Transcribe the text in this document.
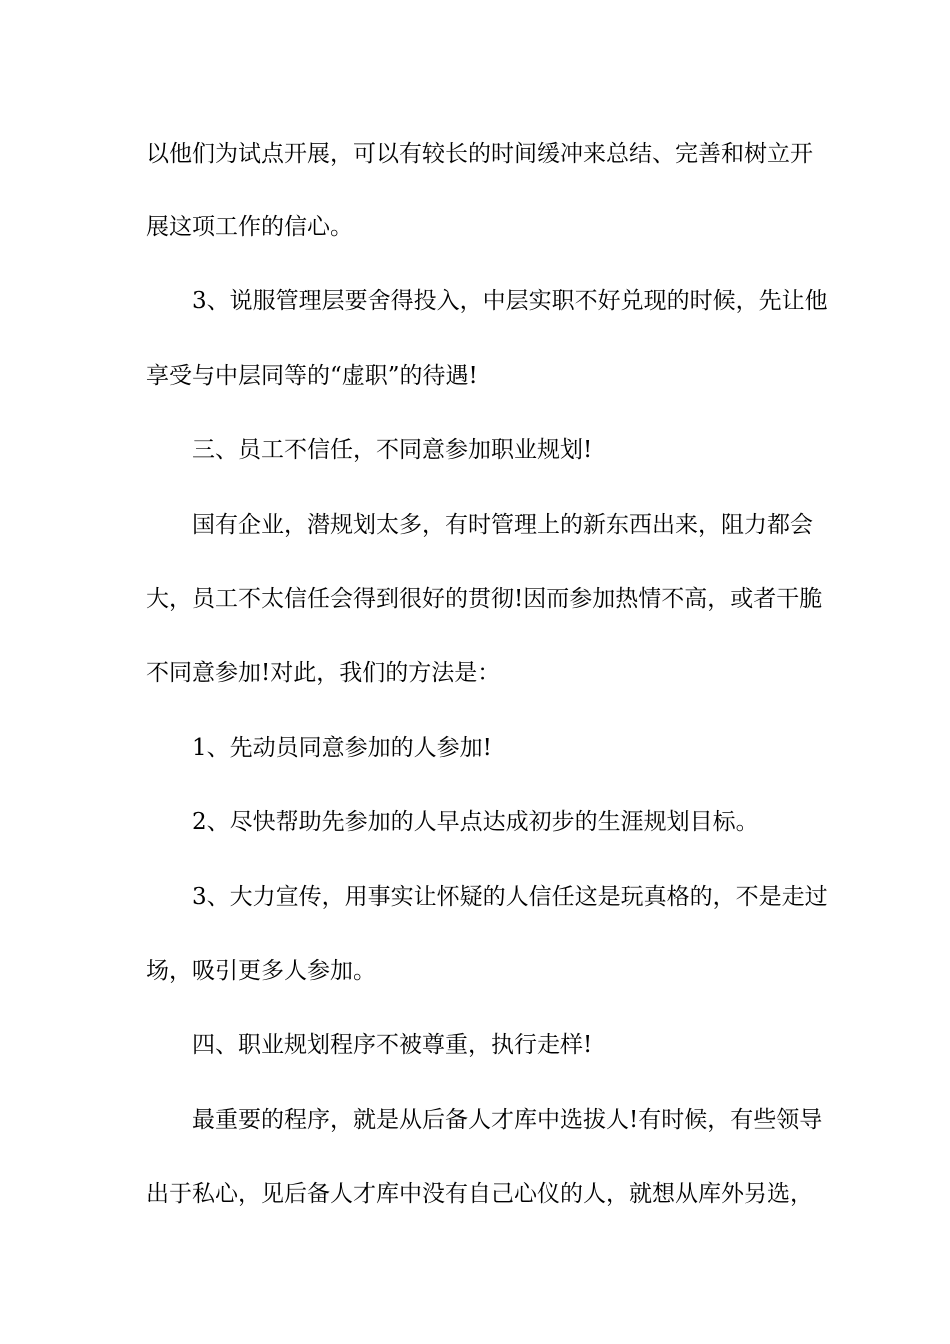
以他们为试点开展，可以有较长的时间缓冲来总结、完善和树立开
展这项工作的信心。
3、说服管理层要舍得投入，中层实职不好兑现的时候，先让他
享受与中层同等的“虚职”的待遇!
三、员工不信任，不同意参加职业规划!
国有企业，潜规划太多，有时管理上的新东西出来，阻力都会
大，员工不太信任会得到很好的贯彻!因而参加热情不高，或者干脆
不同意参加!对此，我们的方法是：
1、先动员同意参加的人参加!
2、尽快帮助先参加的人早点达成初步的生涯规划目标。
3、大力宣传，用事实让怀疑的人信任这是玩真格的，不是走过
场，吸引更多人参加。
四、职业规划程序不被尊重，执行走样!
最重要的程序，就是从后备人才库中选拔人!有时候，有些领导
出于私心，见后备人才库中没有自己心仪的人，就想从库外另选，
